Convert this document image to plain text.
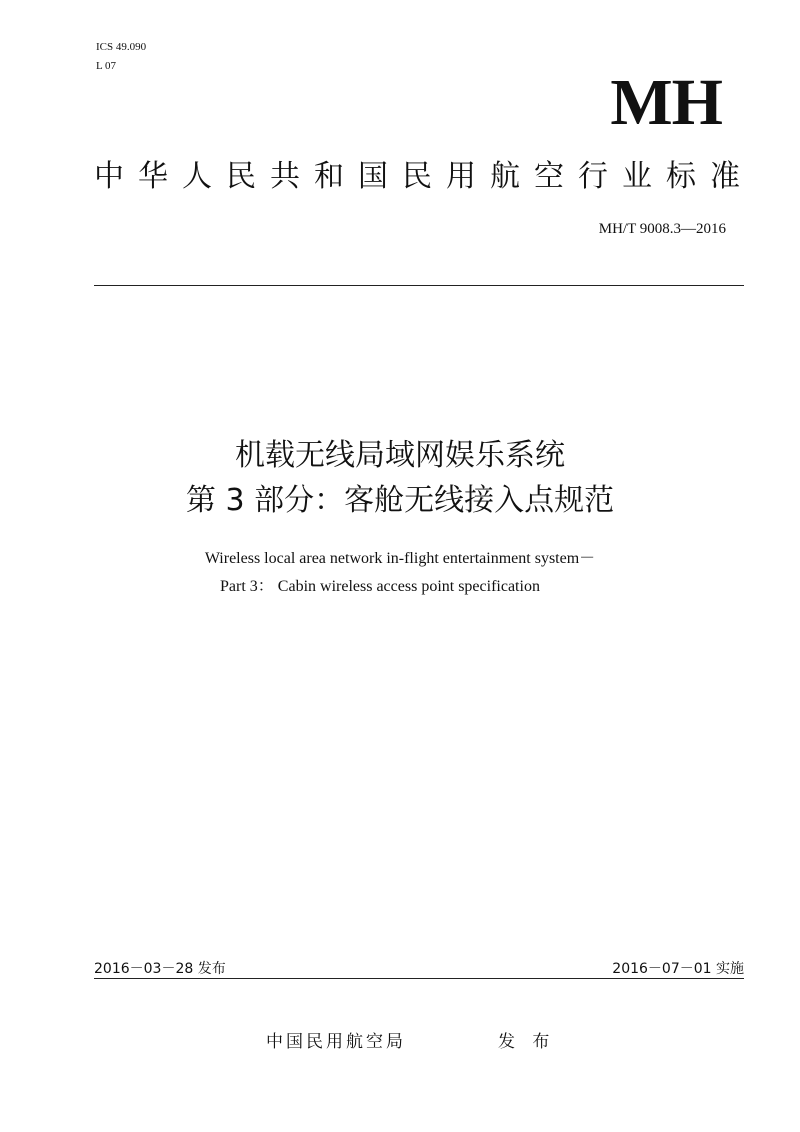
ICS 49.090
L 07	MH
中华人民共和国民用航空行业标准
MH/T 9008.3—2016
机载无线局域网娱乐系统
第 3 部分：客舱无线接入点规范
Wireless local area network in-flight entertainment system－
Part 3： Cabin wireless access point specification
2016－03－28 发布	2016－07－01 实施
中国民用航空局	发 布
